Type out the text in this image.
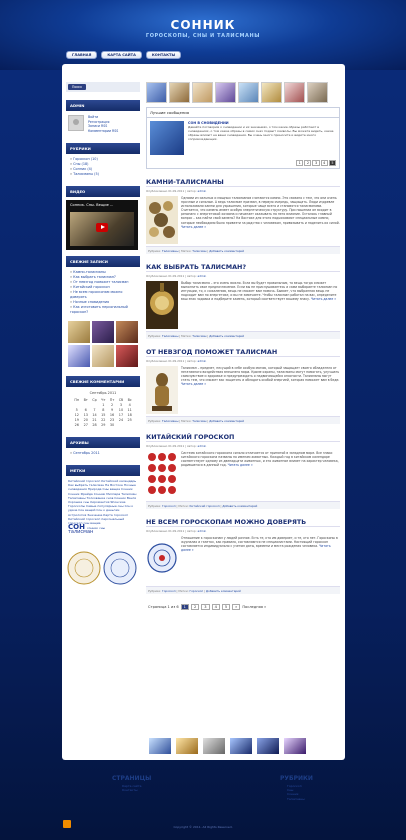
СОННИК
ГОРОСКОПЫ, СНЫ И ТАЛИСМАНЫ
ГЛАВНАЯ	КАРТА САЙТА	КОНТАКТЫ
Поиск
ADMIN
Войти
Регистрация
Записи RSS
Комментарии RSS
РУБРИКИ
» Гороскоп (10)
» Сны (18)
» Сонник (4)
» Талисманы (5)
ВИДЕО
Сонник. Сны. Вещие ...
СВЕЖИЕ ЗАПИСИ
» Камни-талисманы
» Как выбрать талисман?
» От невзгод поможет талисман
» Китайский гороскоп
» Не всем гороскопам можно доверять
» Ночные сновидения
» Как изготовить персональный гороскоп?
СВЕЖИЕ КОММЕНТАРИИ
Сентябрь 2011
Пн	Вт	Ср	Чт	Пт	Сб	Вс
			1	2	3	4
5	6	7	8	9	10	11
12	13	14	15	16	17	18
19	20	21	22	23	24	25
26	27	28	29	30		
АРХИВЫ
» Сентябрь 2011
МЕТКИ
Китайский гороскоп Китайский календарь Как выбрать талисман На Востоке Ночные сновидения Природа Сны вещие Сонник Сонник Фрейда Сонник Миллера Талисман Талисманы Толкование снов Сонник Ванги Хорошие сны Хиромантия Японские Гороскопы Самые популярные сны Сон к удаче Сон вещий Сон к деньгам Астрология Значение Карта гороскоп Китайский гороскоп персональный гороскоп сны вещие
СОН сонник сны
талисман
Лучшие сообщения
СОН В СНОВИДЕНИИ
Давайте поговорим о сновидении и их значениях, о том какие образы работают в сновидениях, о том какие образы в самих снах подают символы. Вы можете видеть, какие образы влияют на ваши сновидения. Вы очень много приносите и видите много сопровождающих.
1	2	3	4	5
КАМНИ-ТАЛИСМАНЫ
Опубликовано 01.09.2011 | Автор: admin
Одними из сильных и мощных талисманов считаются камни. Это связано с тем, что они очень прочные и сильные. А ведь талисман призван, в первую очередь, защищать. Люди издревле использовали камни для украшения, которые чаще всего и становятся талисманами. Считается, что камень имеет особую энергетическую структуру. При ношении он входит в резонанс с энергетикой хозяина и начинает оказывать на него влияние. Осталось главный вопрос – как найти свой камень? На Востоке для этого подыскивают специальные камни, которые необходимо было привезти за родство с человеком, привязывать и наделить их силой. Читать далее »
Рубрики: Талисманы | Метки: Талисман | Добавить комментарий
КАК ВЫБРАТЬ ТАЛИСМАН?
Опубликовано 01.09.2011 | Автор: admin
Выбор талисмана – это очень важно. Если вы будет правильным, то вещь тогда сможет выполнить свое предназначение. Если вы не прислушиваетесь и сами выбираете талисман по интуиции, то, к сожалению, вещь не сможет вам помочь. Бывает, что выбранная вещь не подходит вам по энергетике, и вы не замечаете. Чтобы талисман работал на вас, определите ваш знак зодиака и подберите камень, который соответствует вашему знаку. Читать далее »
Рубрики: Талисманы | Метки: Талисман | Добавить комментарий
ОТ НЕВЗГОД ПОМОЖЕТ ТАЛИСМАН
Опубликовано 01.09.2011 | Автор: admin
Талисман – предмет, несущий в себе особую магию, который защищает своего обладателя от негативного воздействия внешнего мира. Кроме охраны, талисманы могут помогать, улучшать самочувствие и здоровье и предупреждать о надвигающейся опасности. Талисманы могут стать тем, что сможет вас защитить и обладать особой энергией, которая поможет вам в беде. Читать далее »
Рубрики: Талисманы | Метки: Талисман | Добавить комментарий
КИТАЙСКИЙ ГОРОСКОП
Опубликовано 01.09.2011 | Автор: admin
Система китайского гороскопа сильно отличается от принятой в западном мире. Все знаки китайского гороскопа названы по именам животных. Каждый год в китайском календаре соответствует одному из двенадцати животных, и это животное влияет на характер человека, родившегося в данный год. Читать далее »
Рубрики: Гороскоп | Метки: Китайский гороскоп | Добавить комментарий
НЕ ВСЕМ ГОРОСКОПАМ МОЖНО ДОВЕРЯТЬ
Опубликовано 01.09.2011 | Автор: admin
Отношение к гороскопам у людей разное. Есть те, кто им доверяет, и те, кто нет. Гороскопы в журналах и газетах, как правило, составляются не специалистами. Настоящий гороскоп составляется индивидуально с учетом даты, времени и места рождения человека. Читать далее »
Рубрики: Гороскоп | Метки: Гороскоп | Добавить комментарий
Страница 1 из 6	1	2	3	4	5	»	Последняя »
СТРАНИЦЫ
Карта сайта
Контакты
РУБРИКИ
Гороскоп
Сны
Сонник
Талисманы
Copyright © 2011. All Rights Reserved.
